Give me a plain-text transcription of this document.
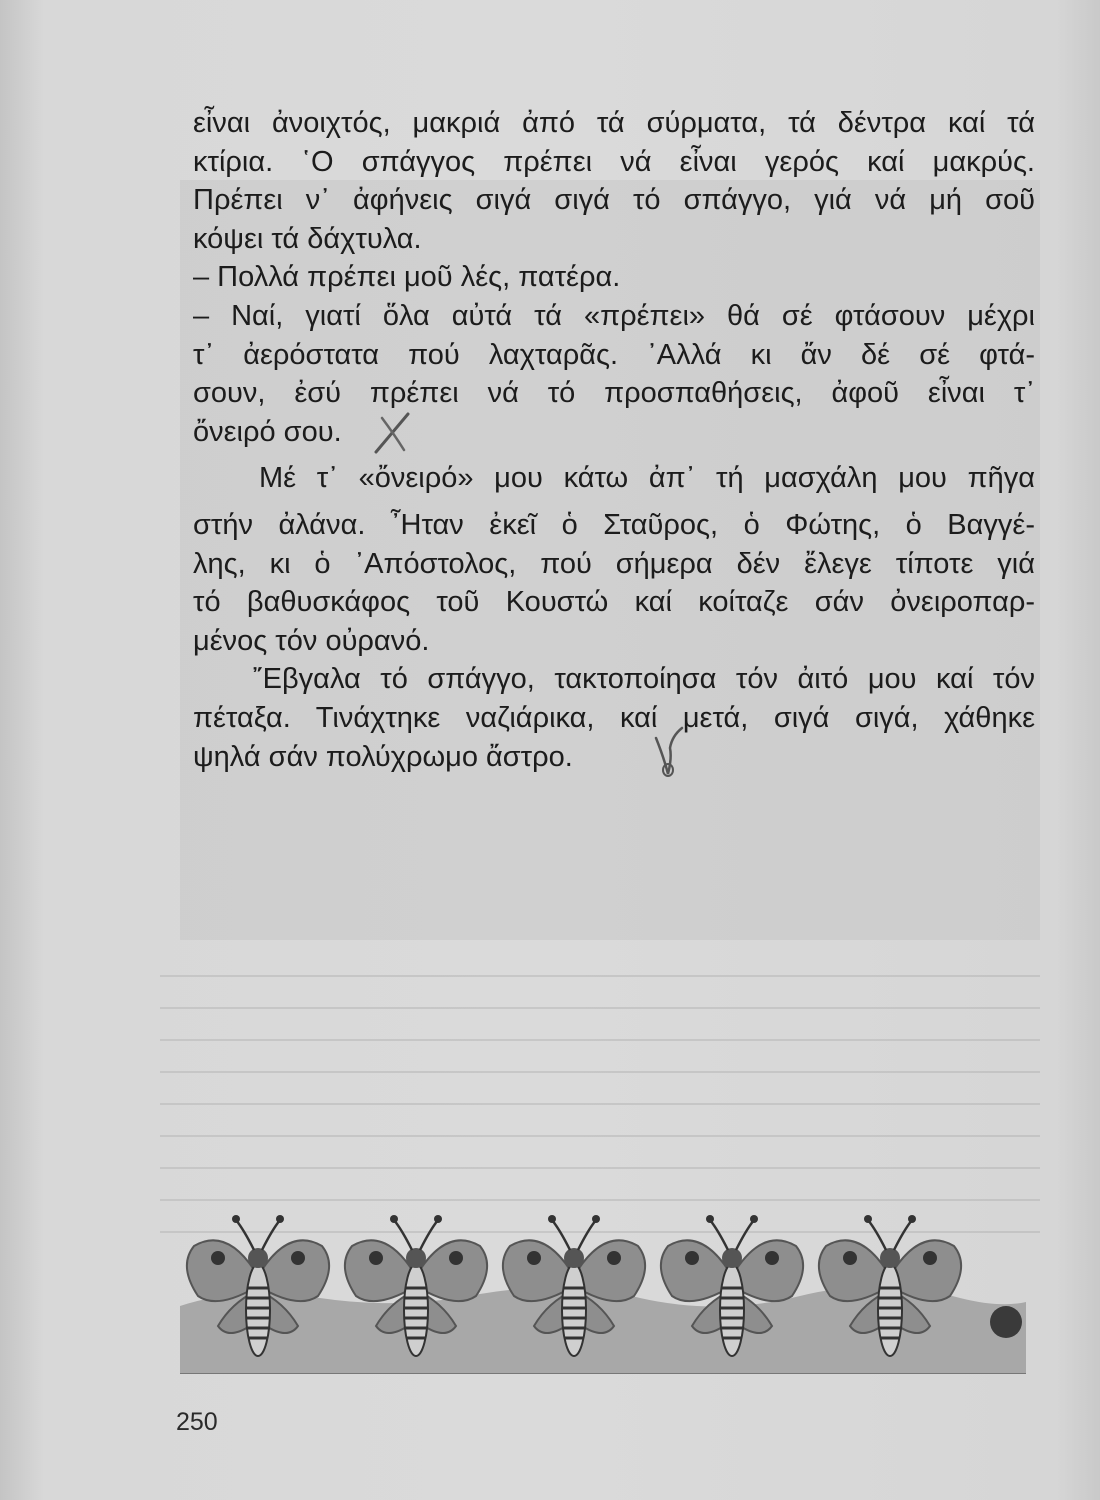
εἶναι ἀνοιχτός, μακριά ἀπό τά σύρματα, τά δέντρα καί τά
κτίρια. ῾Ο σπάγγος πρέπει νά εἶναι γερός καί μακρύς.
Πρέπει ν᾽ ἀφήνεις σιγά σιγά τό σπάγγο, γιά νά μή σοῦ
κόψει τά δάχτυλα.
– Πολλά πρέπει μοῦ λές, πατέρα.
– Ναί, γιατί ὅλα αὐτά τά «πρέπει» θά σέ φτάσουν μέχρι
τ᾽ ἀερόστατα πού λαχταρᾶς. ᾽Αλλά κι ἄν δέ σέ φτά-
σουν, ἐσύ πρέπει νά τό προσπαθήσεις, ἀφοῦ εἶναι τ᾽
ὄνειρό σου.
Μέ τ᾽ «ὄνειρό» μου κάτω ἀπ᾽ τή μασχάλη μου πῆγα
στήν ἀλάνα. ῏Ηταν ἐκεῖ ὁ Σταῦρος, ὁ Φώτης, ὁ Βαγγέ-
λης, κι ὁ ᾽Απόστολος, πού σήμερα δέν ἔλεγε τίποτε γιά
τό βαθυσκάφος τοῦ Κουστώ καί κοίταζε σάν ὀνειροπαρ-
μένος τόν οὐρανό.
῎Εβγαλα τό σπάγγο, τακτοποίησα τόν ἀιτό μου καί τόν
πέταξα. Τινάχτηκε ναζιάρικα, καί μετά, σιγά σιγά, χάθηκε
ψηλά σάν πολύχρωμο ἄστρο.
250
